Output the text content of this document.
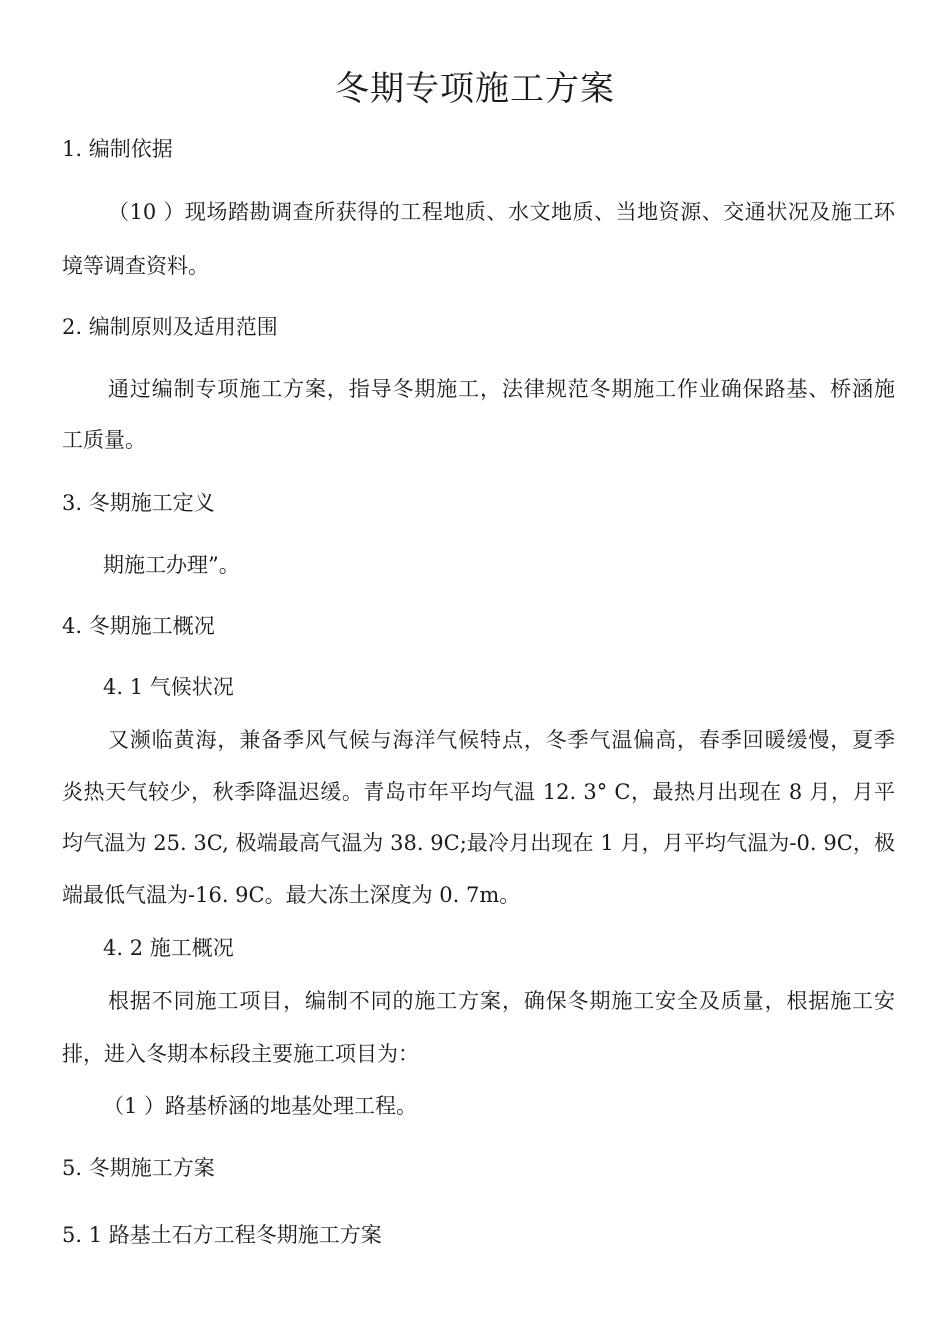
冬期专项施工方案
1. 编制依据
（10 ）现场踏勘调查所获得的工程地质、水文地质、当地资源、交通状况及施工环
境等调查资料。
2. 编制原则及适用范围
通过编制专项施工方案，指导冬期施工，法律规范冬期施工作业确保路基、桥涵施
工质量。
3. 冬期施工定义
期施工办理”。
4. 冬期施工概况
4. 1 气候状况
又濒临黄海，兼备季风气候与海洋气候特点，冬季气温偏高，春季回暖缓慢，夏季
炎热天气较少，秋季降温迟缓。青岛市年平均气温 12. 3° C，最热月出现在 8 月，月平
均气温为 25. 3C, 极端最高气温为 38. 9C;最冷月出现在 1 月，月平均气温为-0. 9C，极
端最低气温为-16. 9C。最大冻土深度为 0. 7m。
4. 2 施工概况
根据不同施工项目，编制不同的施工方案，确保冬期施工安全及质量，根据施工安
排，进入冬期本标段主要施工项目为：
（1 ）路基桥涵的地基处理工程。
5. 冬期施工方案
5. 1 路基土石方工程冬期施工方案
